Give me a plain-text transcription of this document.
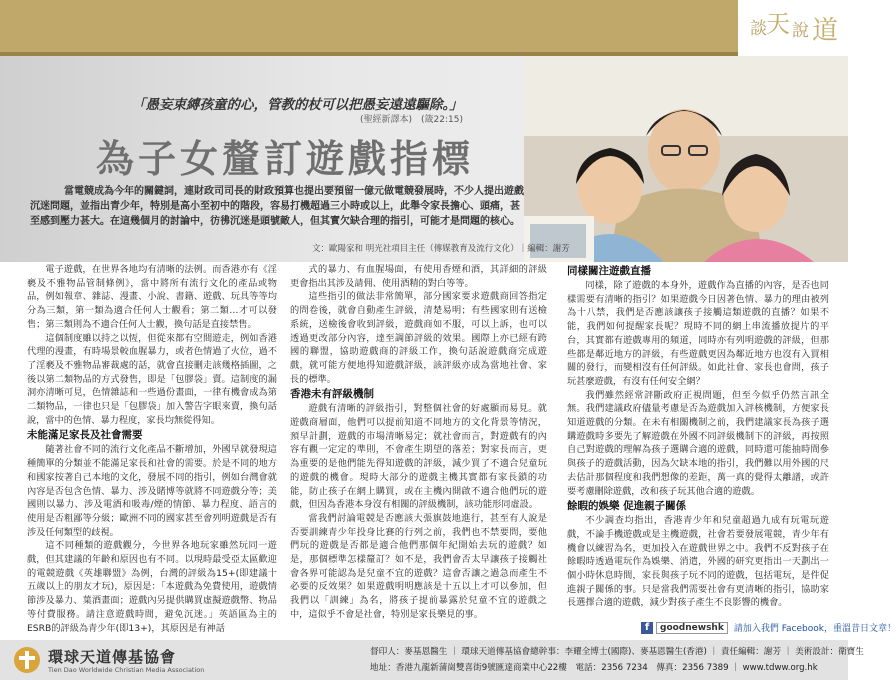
談 天 說 道
「愚妄束縛孩童的心，管教的杖可以把愚妄遠遠驅除。」
(聖經新譯本)　(箴22:15)
為子女釐訂遊戲指標
當電競成為今年的關鍵詞，連財政司司長的財政預算也提出要預留一億元做電競發展時，不少人提出遊戲沉迷問題，並指出青少年，特別是高小至初中的階段，容易打機超過三小時或以上，此舉令家長擔心、頭痛，甚至感到壓力甚大。在這幾個月的討論中，彷彿沉迷是頭號敵人，但其實欠缺合理的指引，可能才是問題的核心。
文：歐陽家和 明光社項目主任（傳媒教育及流行文化）｜編輯：謝芳

電子遊戲，在世界各地均有清晰的法例。而香港亦有《淫褻及不雅物品管制條例》，當中將所有流行文化的產品或物品，例如報章、雜誌、漫畫、小說、書籍、遊戲、玩具等等均分為三類，第一類為適合任何人士觀看；第二類…才可以發售；第三類則為不適合任何人士觀，換句話是直接禁售。

這個制度雖以持之以恆，但從來都有空間遊走，例如香港代理的漫畫，有時場景較血腥暴力，或者色情過了火位，過不了淫褻及不雅物品審裁處的話，就會直接刪走該幾格插圖，之後以第二類物品的方式發售，即是「包膠袋」賣。這制度的漏洞亦清晰可見，色情雜誌和一些過份畫面，一律有機會成為第二類物品，一律也只是「包膠袋」加入警告字眼來賣，換句話說，當中的色情、暴力程度，家長均無從得知。

未能滿足家長及社會需要

隨著社會不同的流行文化產品不斷增加，外國早就發現這種簡單的分類並不能滿足家長和社會的需要。於是不同的地方和國家按著自己本地的文化，發展不同的指引，例如台灣會就內容是否包含色情、暴力、涉及賭博等就將不同遊戲分等；美國則以暴力、涉及電酒和吸毒/煙的情節、暴力程度、語言的使用是否粗鄙等分級；歐洲不同的國家甚至會列明遊戲是否有涉及任何類型的歧視。

這不同種類的遊戲觀分，今世界各地玩家雖然玩同一遊戲，但其建議的年齡和原因也有不同。以現時最受亞太區歡迎的電競遊戲《英雄聯盟》為例，台灣的評級為15+(即建議十五歲以上的朋友才玩)，原因是：「本遊戲為免費使用，遊戲情節涉及暴力、葉酒畫面；遊戲內另提供購買虛擬遊戲幣、物品等付費服務。請注意遊戲時間，避免沉迷。」英語區為主的ESRB的評級為青少年(即13+)，其原因是有神話

式的暴力、有血腥場面，有使用香煙和酒，其詳細的評級更會指出其涉及請佣、使用酒精的對白等等。

這些指引的做法非常簡單，部分國家要求遊戲商回答指定的問卷後，就會自動產生評級，清楚易明；有些國家則有送檢系統，送檢後會收到評級，遊戲商如不服，可以上訴，也可以透過更改部分內容，達至調節評級的效果。國際上亦已經有跨國的聯盟，協助遊戲商的評級工作，換句話說遊戲商完成遊戲，就可能方便地得知遊戲評級，該評級亦成為當地社會、家長的標準。

香港未有評級機制

遊戲有清晰的評級指引，對整個社會的好處顯而易見。就遊戲商層面，他們可以提前知道不同地方的文化背景等情況，預早計劃，遊戲的市場清晰易定；就社會而言，對遊戲有的內容有觀一定定的準則，不會產生期望的落差；對家長而言，更為重要的是他們能先得知遊戲的評級，減少買了不適合兒童玩的遊戲的機會。現時大部分的遊戲主機其實都有家長鎖的功能，防止孩子在網上購買，或在主機內開啟不適合他們玩的遊戲，但因為香港本身沒有相關的評級機制，該功能形同虛設。

當我們討論電競是否應該大張旗鼓地進行，甚至有人說是否要訓練青少年投身比賽的行列之前，我們也不禁要問，要他們玩的遊戲是否都是適合他們那個年紀開始去玩的遊戲？如是，那個標準怎樣釐訂？如不是，我們會否太早讓孩子接觸社會各界可能認為是兒童不宜的遊戲？這會否讓之過急而產生不必要的反效果？如果遊戲明明應該是十五以上才可以參加，但我們以「訓練」為名，將孩子提前暴露於兒童不宜的遊戲之中，這似乎不會是社會，特別是家長樂見的事。

同樣關注遊戲直播

同樣，除了遊戲的本身外，遊戲作為直播的內容，是否也同樣需要有清晰的指引？如果遊戲今日因著色情、暴力的理由被列為十八禁，我們是否應該讓孩子接觸這類遊戲的直播？如果不能，我們如何提醒家長呢？現時不同的網上串流播放提片的平台，其實都有遊戲專用的頻道，同時亦有列明遊戲的評級，但那些都是鄰近地方的評級，有些遊戲更因為鄰近地方也沒有入買相關的發行，而變相沒有任何評級。如此社會、家長也會問，孩子玩甚麼遊戲，有沒有任何安全網？

我們雖然經常評斷政府正視問題，但至今似乎仍然言訊全無。我們建議政府儘量考慮是否為遊戲加入評核機制，方便家長知道遊戲的分類。在未有相關機制之前，我們建議家長為孩子選購遊戲時多要先了解遊戲在外國不同評級機制下的評級，再按照自己對遊戲的理解為孩子選購合適的遊戲，同時還可能抽時間參與孩子的遊戲活動，因為欠缺本地的指引，我們難以用外國的尺去估計那個程度和我們想像的差距，萬一真的覺得太離譜，或許要考慮刪除遊戲，改和孩子玩其他合適的遊戲。

餘暇的娛樂 促進親子關係

不少調查均指出，香港青少年和兒童超過九成有玩電玩遊戲，不論手機遊戲或是主機遊戲，社會若要發展電競，青少年有機會以練習為名，更加投入在遊戲世界之中。我們不反對孩子在餘暇時透過電玩作為娛樂、消遣，外國的研究更指出一天劃出一個小時休息時間，家長與孩子玩不同的遊戲，包括電玩，是件促進親子關係的事。只是當我們需要社會有更清晰的指引，協助家長選擇合適的遊戲，減少對孩子產生不良影響的機會。

f	goodnewshk	請加入我們 Facebook，重溫昔日文章！
環球天道傳基協會
Tien Dao Worldwide Christian Media Association
督印人：麥基恩醫生 ｜ 環球天道傳基協會總幹事：李耀全博士(國際)、麥基恩醫生(香港) ｜ 責任編輯：謝芳 ｜ 美術設計：衛寶生
地址：香港九龍新蒲崗雙喜街9號匯達商業中心22樓　電話：2356 7234　傳真：2356 7389 ｜ www.tdww.org.hk
